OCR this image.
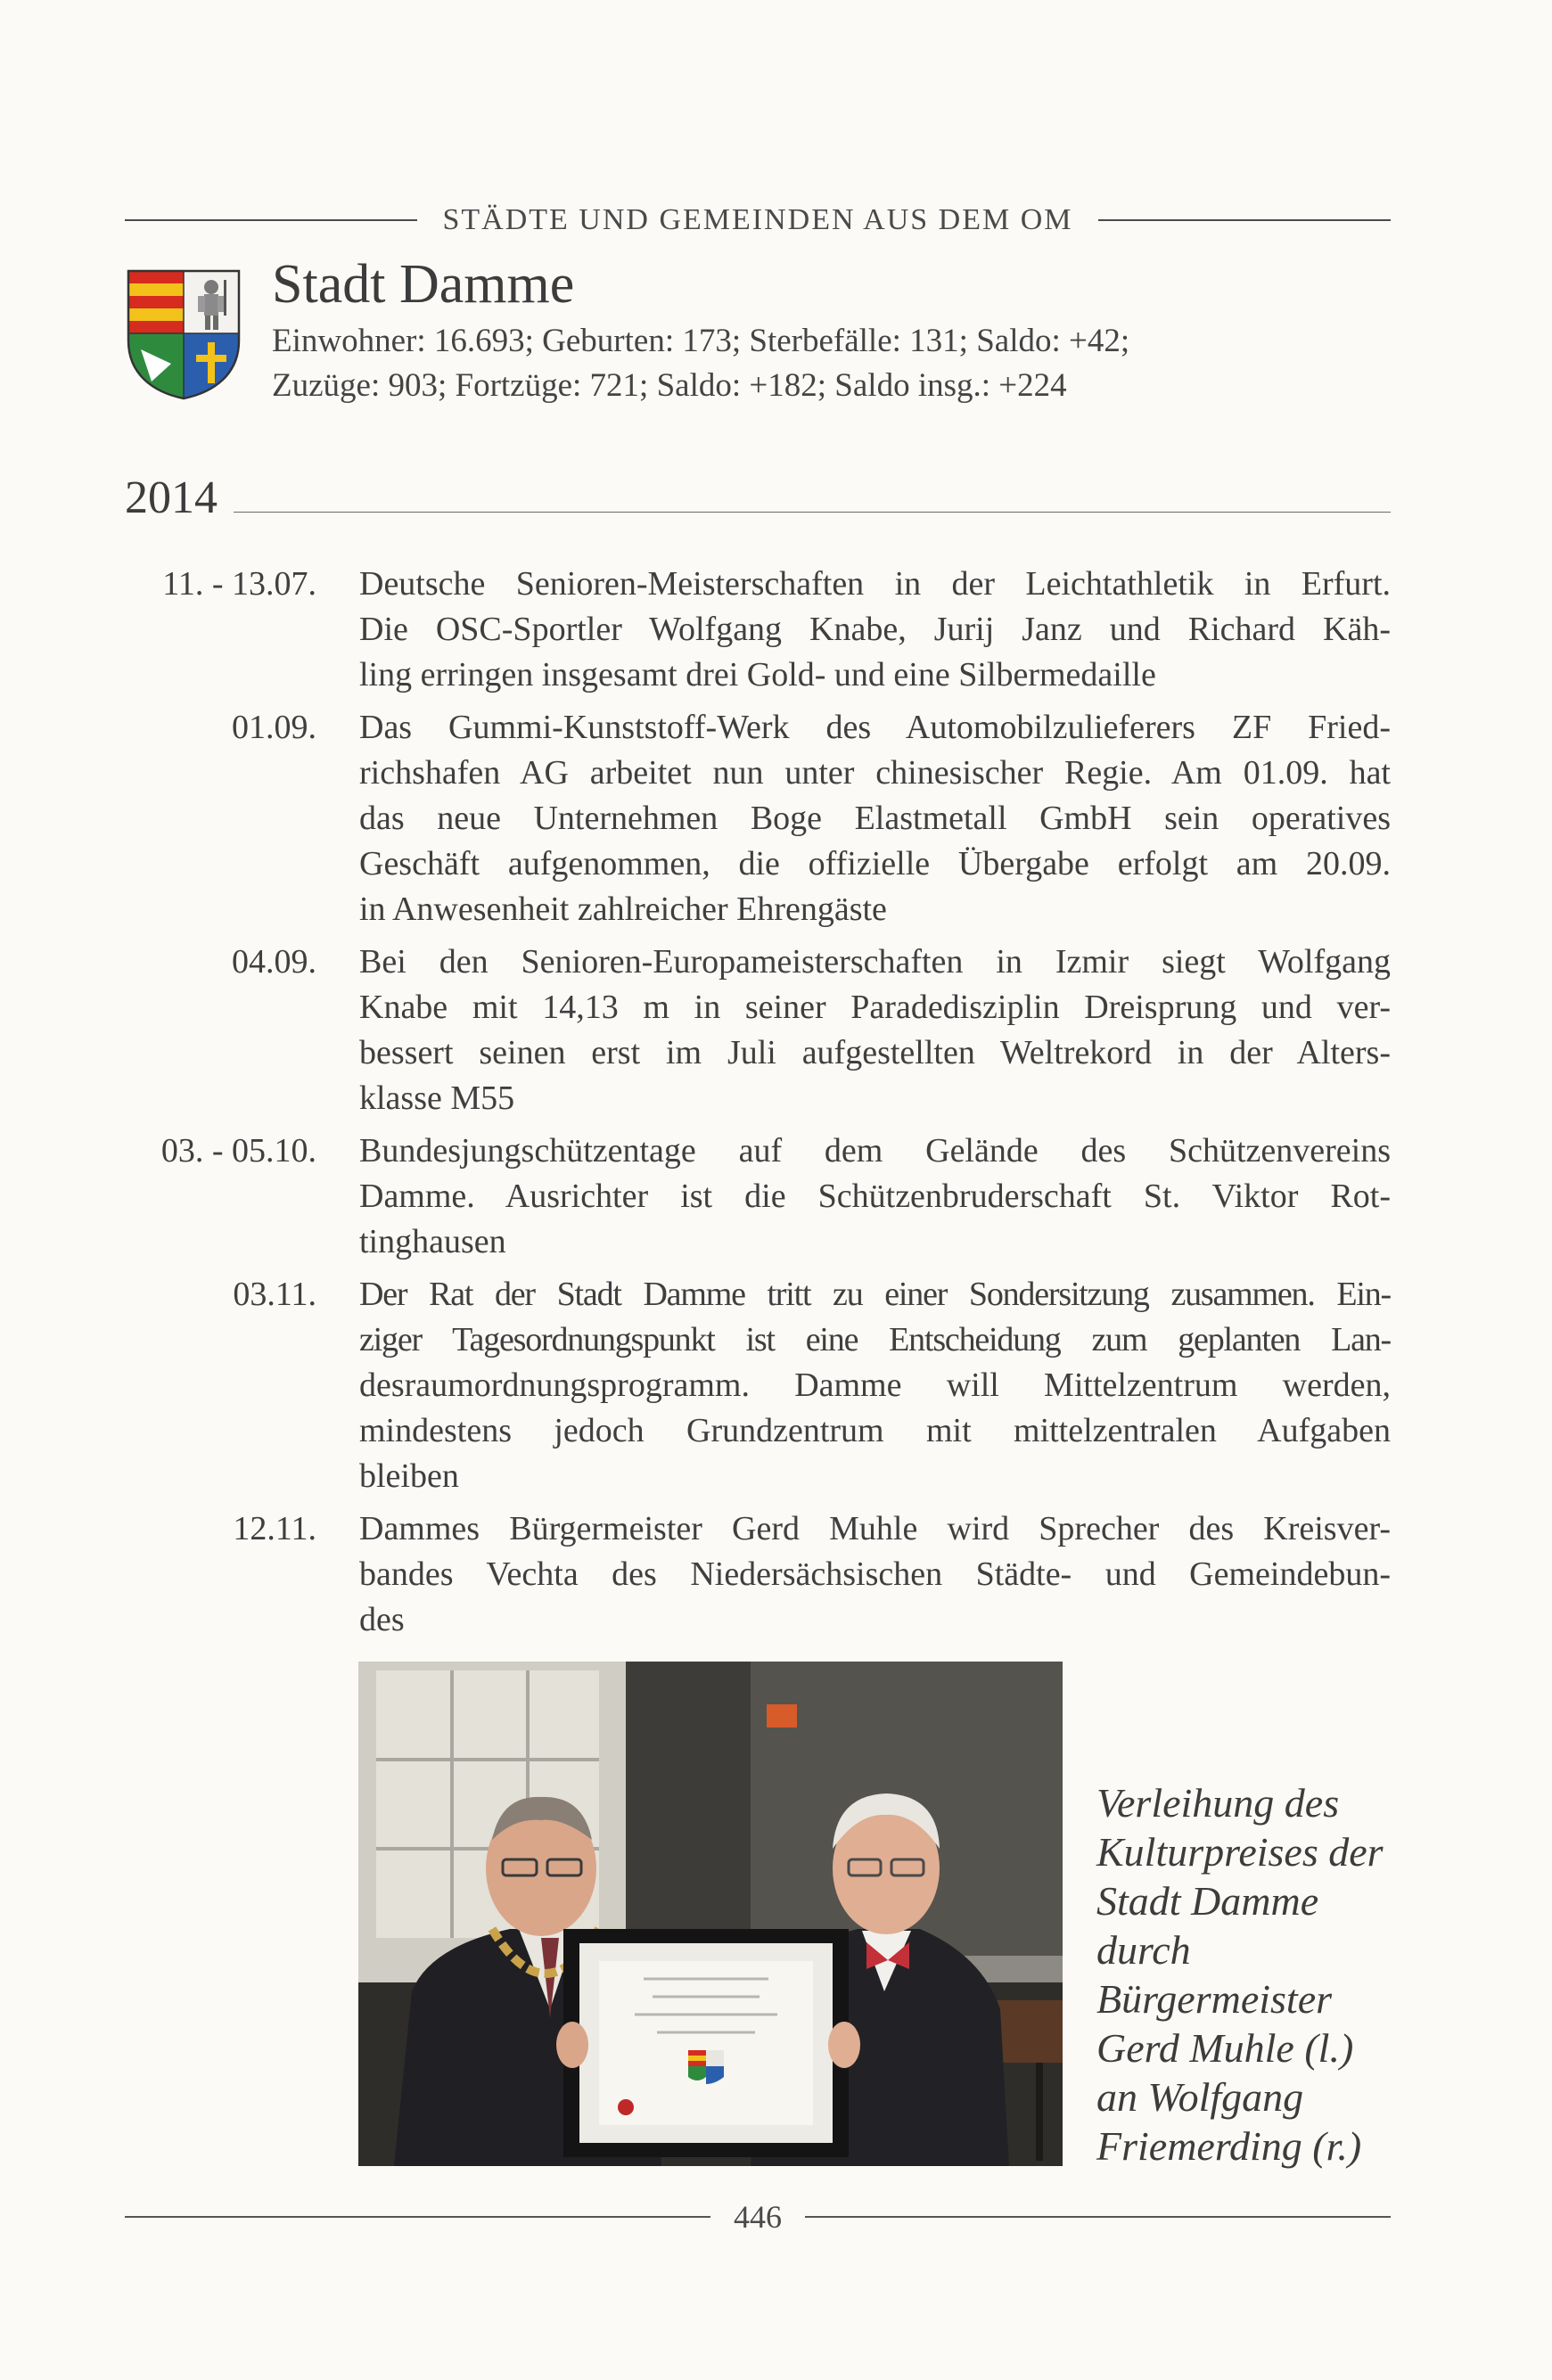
STÄDTE UND GEMEINDEN AUS DEM OM
Stadt Damme
Einwohner: 16.693; Geburten: 173; Sterbefälle: 131; Saldo: +42;
Zuzüge: 903; Fortzüge: 721; Saldo: +182; Saldo insg.: +224
2014
11. - 13.07. Deutsche Senioren-Meisterschaften in der Leichtathletik in Erfurt.
Die OSC-Sportler Wolfgang Knabe, Jurij Janz und Richard Käh-
ling erringen insgesamt drei Gold- und eine Silbermedaille
01.09. Das Gummi-Kunststoff-Werk des Automobilzulieferers ZF Fried-
richshafen AG arbeitet nun unter chinesischer Regie. Am 01.09. hat
das neue Unternehmen Boge Elastmetall GmbH sein operatives
Geschäft aufgenommen, die offizielle Übergabe erfolgt am 20.09.
in Anwesenheit zahlreicher Ehrengäste
04.09. Bei den Senioren-Europameisterschaften in Izmir siegt Wolfgang
Knabe mit 14,13 m in seiner Paradedisziplin Dreisprung und ver-
bessert seinen erst im Juli aufgestellten Weltrekord in der Alters-
klasse M55
03. - 05.10. Bundesjungschützentage auf dem Gelände des Schützenvereins
Damme. Ausrichter ist die Schützenbruderschaft St. Viktor Rot-
tinghausen
03.11. Der Rat der Stadt Damme tritt zu einer Sondersitzung zusammen. Ein-
ziger Tagesordnungspunkt ist eine Entscheidung zum geplanten Lan-
desraumordnungsprogramm. Damme will Mittelzentrum werden,
mindestens jedoch Grundzentrum mit mittelzentralen Aufgaben
bleiben
12.11. Dammes Bürgermeister Gerd Muhle wird Sprecher des Kreisver-
bandes Vechta des Niedersächsischen Städte- und Gemeindebun-
des
Verleihung des
Kulturpreises der
Stadt Damme
durch
Bürgermeister
Gerd Muhle (l.)
an Wolfgang
Friemerding (r.)
446
